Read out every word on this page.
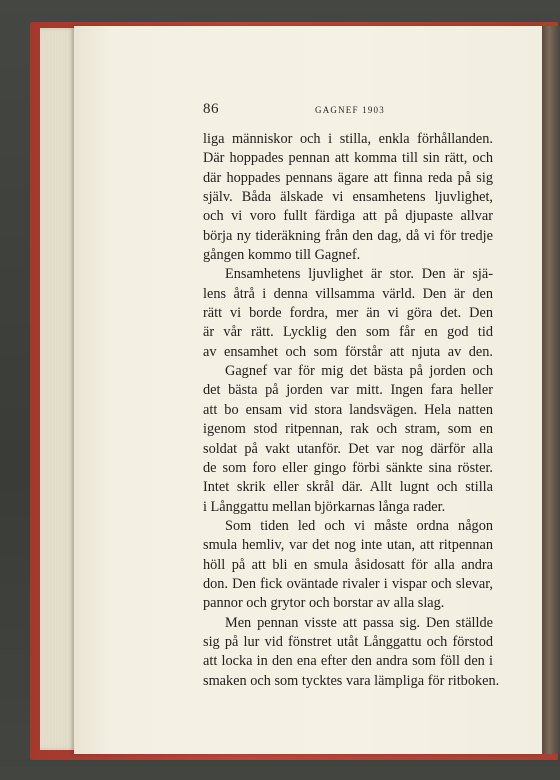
86	GAGNEF 1903
liga människor och i stilla, enkla förhållanden.
Där hoppades pennan att komma till sin rätt, och
där hoppades pennans ägare att finna reda på sig
själv. Båda älskade vi ensamhetens ljuvlighet,
och vi voro fullt färdiga att på djupaste allvar
börja ny tideräkning från den dag, då vi för tredje
gången kommo till Gagnef.
Ensamhetens ljuvlighet är stor. Den är sjä-
lens åtrå i denna villsamma värld. Den är den
rätt vi borde fordra, mer än vi göra det. Den
är vår rätt. Lycklig den som får en god tid
av ensamhet och som förstår att njuta av den.
Gagnef var för mig det bästa på jorden och
det bästa på jorden var mitt. Ingen fara heller
att bo ensam vid stora landsvägen. Hela natten
igenom stod ritpennan, rak och stram, som en
soldat på vakt utanför. Det var nog därför alla
de som foro eller gingo förbi sänkte sina röster.
Intet skrik eller skrål där. Allt lugnt och stilla
i Långgattu mellan björkarnas långa rader.
Som tiden led och vi måste ordna någon
smula hemliv, var det nog inte utan, att ritpennan
höll på att bli en smula åsidosatt för alla andra
don. Den fick oväntade rivaler i vispar och slevar,
pannor och grytor och borstar av alla slag.
Men pennan visste att passa sig. Den ställde
sig på lur vid fönstret utåt Långgattu och förstod
att locka in den ena efter den andra som föll den i
smaken och som tycktes vara lämpliga för ritboken.
